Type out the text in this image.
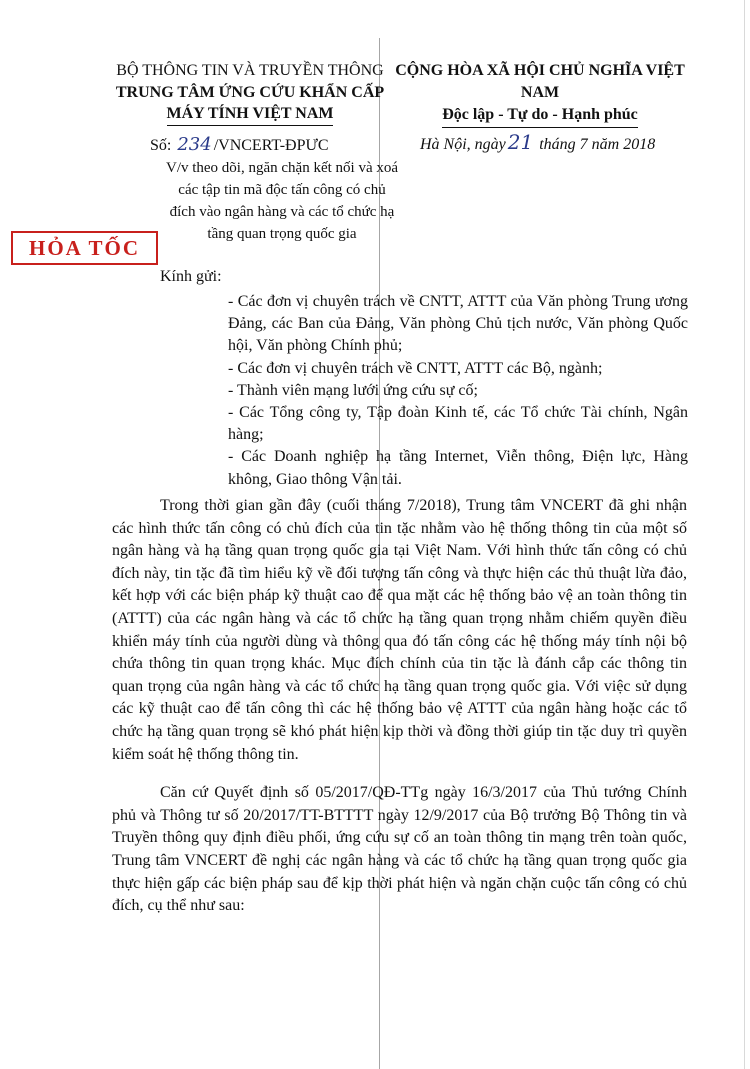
BỘ THÔNG TIN VÀ TRUYỀN THÔNG
TRUNG TÂM ỨNG CỨU KHẨN CẤP
MÁY TÍNH VIỆT NAM
CỘNG HÒA XÃ HỘI CHỦ NGHĨA VIỆT NAM
Độc lập - Tự do - Hạnh phúc
Số: 234 /VNCERT-ĐPƯC	Hà Nội, ngày 21 tháng 7 năm 2018
V/v theo dõi, ngăn chặn kết nối và xoá
các tập tin mã độc tấn công có chủ
đích vào ngân hàng và các tổ chức hạ
tầng quan trọng quốc gia
HỎA TỐC
Kính gửi:
- Các đơn vị chuyên trách về CNTT, ATTT của Văn phòng Trung ương Đảng, các Ban của Đảng, Văn phòng Chủ tịch nước, Văn phòng Quốc hội, Văn phòng Chính phủ;
- Các đơn vị chuyên trách về CNTT, ATTT các Bộ, ngành;
- Thành viên mạng lưới ứng cứu sự cố;
- Các Tổng công ty, Tập đoàn Kinh tế, các Tổ chức Tài chính, Ngân hàng;
- Các Doanh nghiệp hạ tầng Internet, Viễn thông, Điện lực, Hàng không, Giao thông Vận tải.

Trong thời gian gần đây (cuối tháng 7/2018), Trung tâm VNCERT đã ghi nhận các hình thức tấn công có chủ đích của tin tặc nhằm vào hệ thống thông tin của một số ngân hàng và hạ tầng quan trọng quốc gia tại Việt Nam. Với hình thức tấn công có chủ đích này, tin tặc đã tìm hiểu kỹ về đối tượng tấn công và thực hiện các thủ thuật lừa đảo, kết hợp với các biện pháp kỹ thuật cao để qua mặt các hệ thống bảo vệ an toàn thông tin (ATTT) của các ngân hàng và các tổ chức hạ tầng quan trọng nhằm chiếm quyền điều khiển máy tính của người dùng và thông qua đó tấn công các hệ thống máy tính nội bộ chứa thông tin quan trọng khác. Mục đích chính của tin tặc là đánh cắp các thông tin quan trọng của ngân hàng và các tổ chức hạ tầng quan trọng quốc gia. Với việc sử dụng các kỹ thuật cao để tấn công thì các hệ thống bảo vệ ATTT của ngân hàng hoặc các tổ chức hạ tầng quan trọng sẽ khó phát hiện kịp thời và đồng thời giúp tin tặc duy trì quyền kiểm soát hệ thống thông tin.

Căn cứ Quyết định số 05/2017/QĐ-TTg ngày 16/3/2017 của Thủ tướng Chính phủ và Thông tư số 20/2017/TT-BTTTT ngày 12/9/2017 của Bộ trưởng Bộ Thông tin và Truyền thông quy định điều phối, ứng cứu sự cố an toàn thông tin mạng trên toàn quốc, Trung tâm VNCERT đề nghị các ngân hàng và các tổ chức hạ tầng quan trọng quốc gia thực hiện gấp các biện pháp sau để kịp thời phát hiện và ngăn chặn cuộc tấn công có chủ đích, cụ thể như sau:
